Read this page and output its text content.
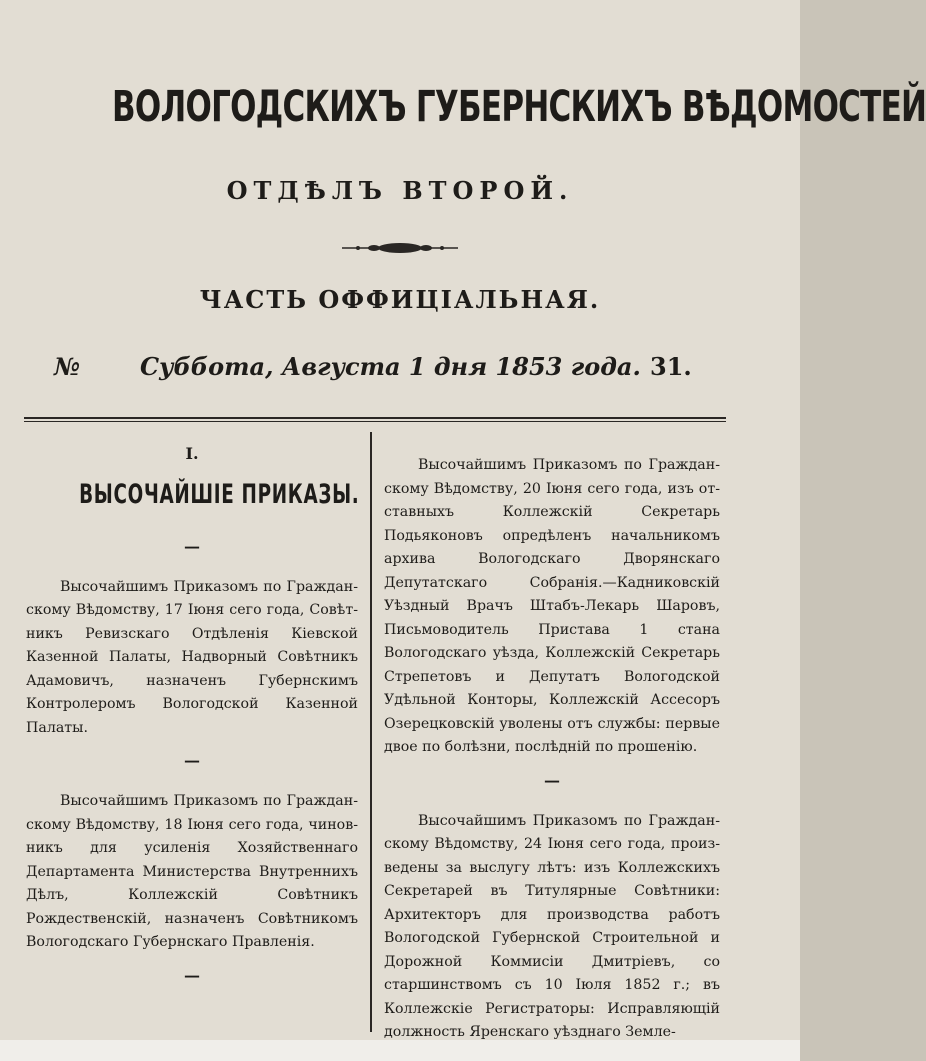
ВОЛОГОДСКИХЪ ГУБЕРНСКИХЪ ВѢДОМОСТЕЙ
ОТДѢЛЪ ВТОРОЙ.
ЧАСТЬ ОФФИЦІАЛЬНАЯ.
№ Суббота, Августа 1 дня 1853 года. 31.
I.
ВЫСОЧАЙШІЕ ПРИКАЗЫ.
—

Высочайшимъ Приказомъ по Гражданскому Вѣдомству, 17 Іюня сего года, Совѣтникъ Ревизскаго Отдѣленія Кіевской Казенной Палаты, Надворный Совѣтникъ Адамовичъ, назначенъ Губернскимъ Контролеромъ Вологодской Казенной Палаты.

—

Высочайшимъ Приказомъ по Гражданскому Вѣдомству, 18 Іюня сего года, чиновникъ для усиленія Хозяйственнаго Департамента Министерства Внутреннихъ Дѣлъ, Коллежскій Совѣтникъ Рождественскій, назначенъ Совѣтникомъ Вологодскаго Губернскаго Правленія.

—

Высочайшимъ Приказомъ по Гражданскому Вѣдомству, 20 Іюня сего года, изъ отставныхъ Коллежскій Секретарь Подьяконовъ опредѣленъ начальникомъ архива Вологодскаго Дворянскаго Депутатскаго Собранія.—Кадниковскій Уѣздный Врачъ Штабъ-Лекарь Шаровъ, Письмоводитель Пристава 1 стана Вологодскаго уѣзда, Коллежскій Секретарь Стрепетовъ и Депутатъ Вологодской Удѣльной Конторы, Коллежскій Ассесоръ Озерецковскій уволены отъ службы: первые двое по болѣзни, послѣдній по прошенію.

—

Высочайшимъ Приказомъ по Гражданскому Вѣдомству, 24 Іюня сего года, произведены за выслугу лѣтъ: изъ Коллежскихъ Секретарей въ Титулярные Совѣтники: Архитекторъ для производства работъ Вологодской Губернской Строительной и Дорожной Коммисіи Дмитріевъ, со старшинствомъ съ 10 Іюля 1852 г.; въ Коллежскіе Регистраторы: Исправляющій должность Яренскаго уѣзднаго Земле-
